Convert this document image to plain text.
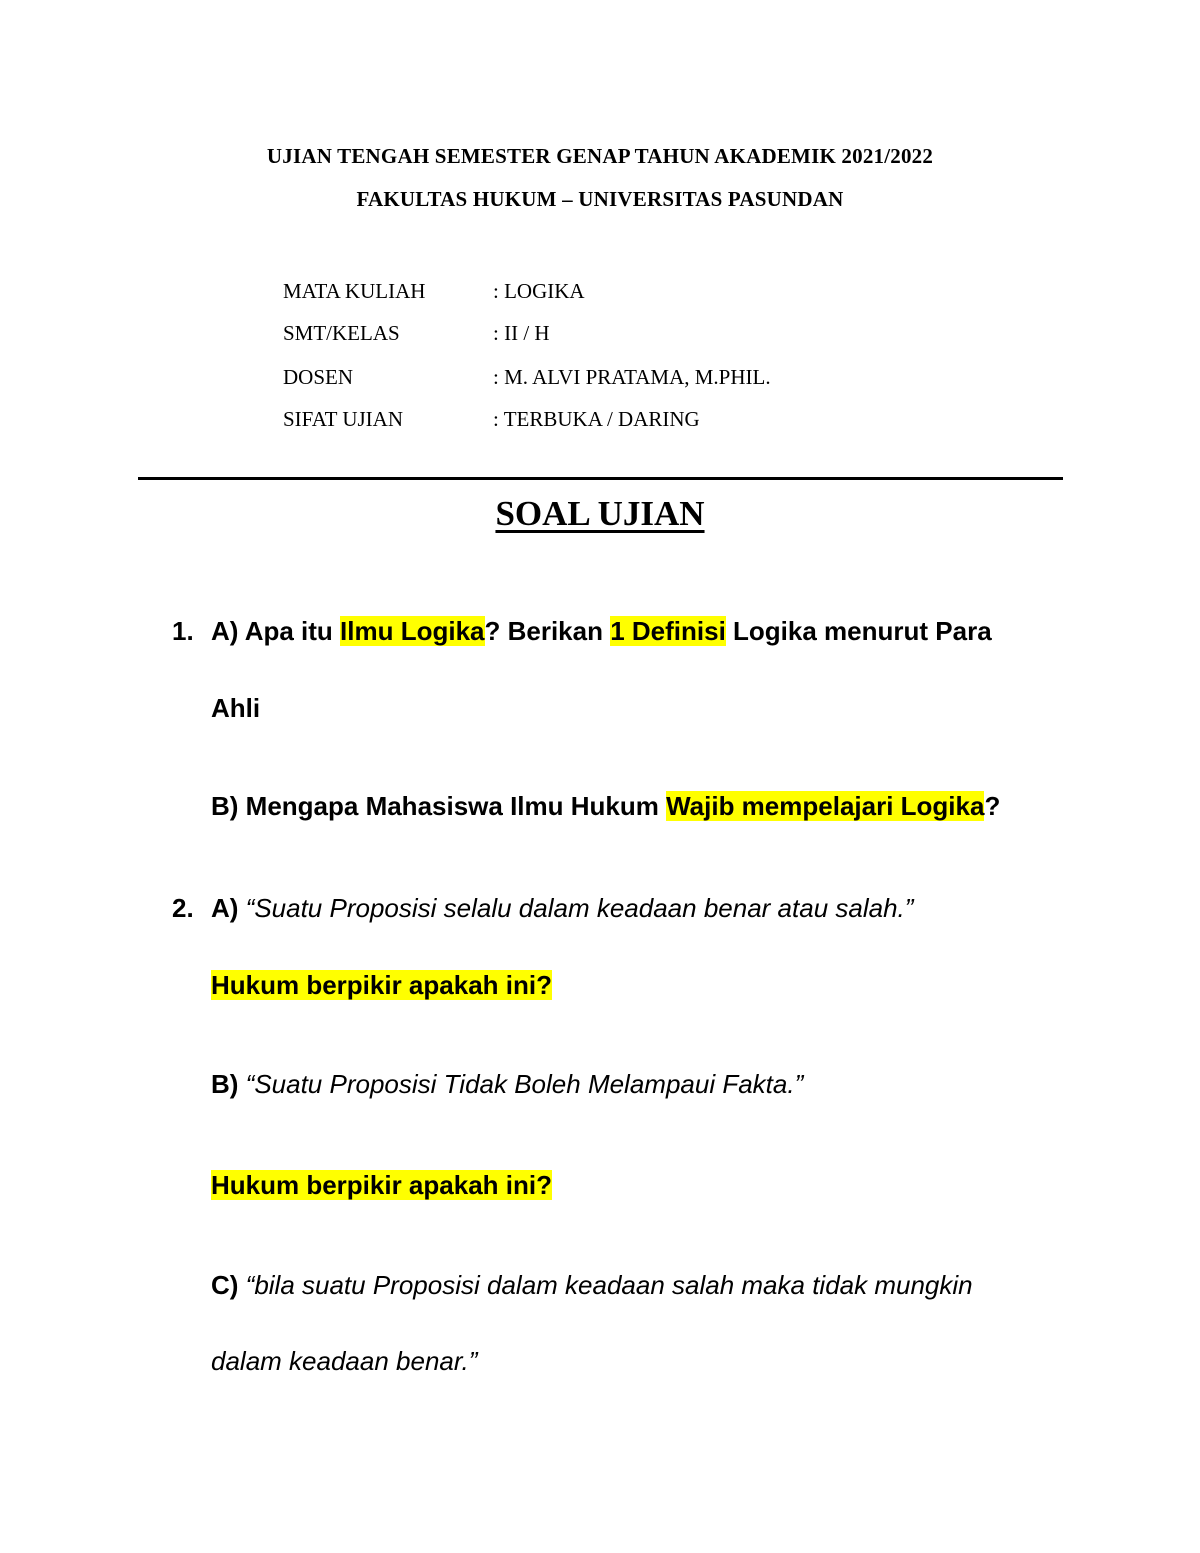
UJIAN TENGAH SEMESTER GENAP TAHUN AKADEMIK 2021/2022
FAKULTAS HUKUM – UNIVERSITAS PASUNDAN
MATA KULIAH	: LOGIKA
SMT/KELAS	: II / H
DOSEN	: M. ALVI PRATAMA, M.PHIL.
SIFAT UJIAN	: TERBUKA / DARING
SOAL UJIAN
1. A) Apa itu Ilmu Logika? Berikan 1 Definisi Logika menurut Para
Ahli
B) Mengapa Mahasiswa Ilmu Hukum Wajib mempelajari Logika?
2. A) “Suatu Proposisi selalu dalam keadaan benar atau salah.”
Hukum berpikir apakah ini?
B) “Suatu Proposisi Tidak Boleh Melampaui Fakta.”
Hukum berpikir apakah ini?
C) “bila suatu Proposisi dalam keadaan salah maka tidak mungkin
dalam keadaan benar.”
